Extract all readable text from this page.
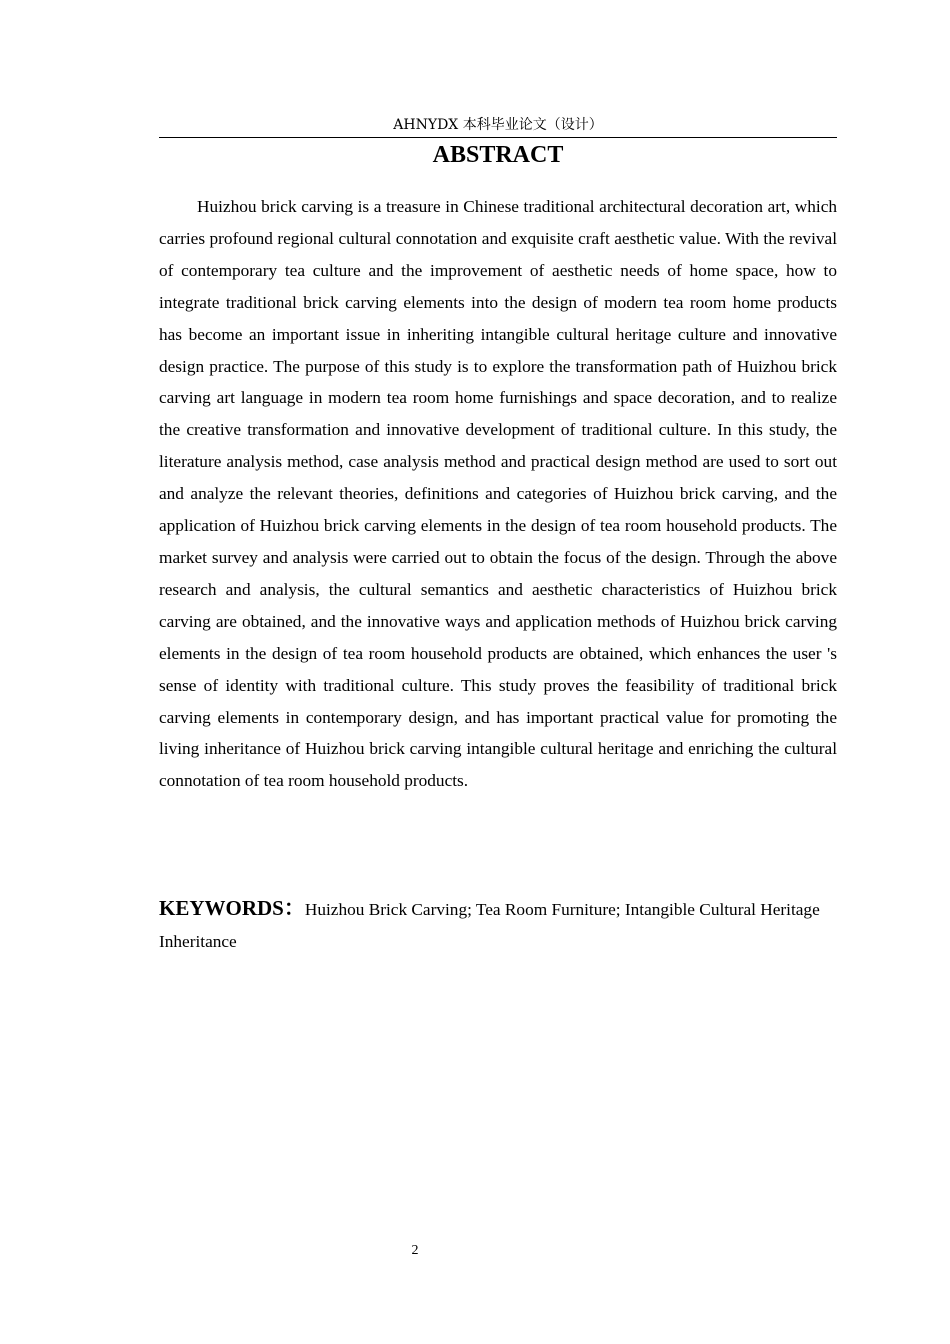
AHNYDX 本科毕业论文（设计）
ABSTRACT

Huizhou brick carving is a treasure in Chinese traditional architectural decoration art, which carries profound regional cultural connotation and exquisite craft aesthetic value. With the revival of contemporary tea culture and the improvement of aesthetic needs of home space, how to integrate traditional brick carving elements into the design of modern tea room home products has become an important issue in inheriting intangible cultural heritage culture and innovative design practice. The purpose of this study is to explore the transformation path of Huizhou brick carving art language in modern tea room home furnishings and space decoration, and to realize the creative transformation and innovative development of traditional culture. In this study, the literature analysis method, case analysis method and practical design method are used to sort out and analyze the relevant theories, definitions and categories of Huizhou brick carving, and the application of Huizhou brick carving elements in the design of tea room household products. The market survey and analysis were carried out to obtain the focus of the design. Through the above research and analysis, the cultural semantics and aesthetic characteristics of Huizhou brick carving are obtained, and the innovative ways and application methods of Huizhou brick carving elements in the design of tea room household products are obtained, which enhances the user 's sense of identity with traditional culture. This study proves the feasibility of traditional brick carving elements in contemporary design, and has important practical value for promoting the living inheritance of Huizhou brick carving intangible cultural heritage and enriching the cultural connotation of tea room household products.

KEYWORDS：Huizhou Brick Carving; Tea Room Furniture; Intangible Cultural Heritage Inheritance

2
